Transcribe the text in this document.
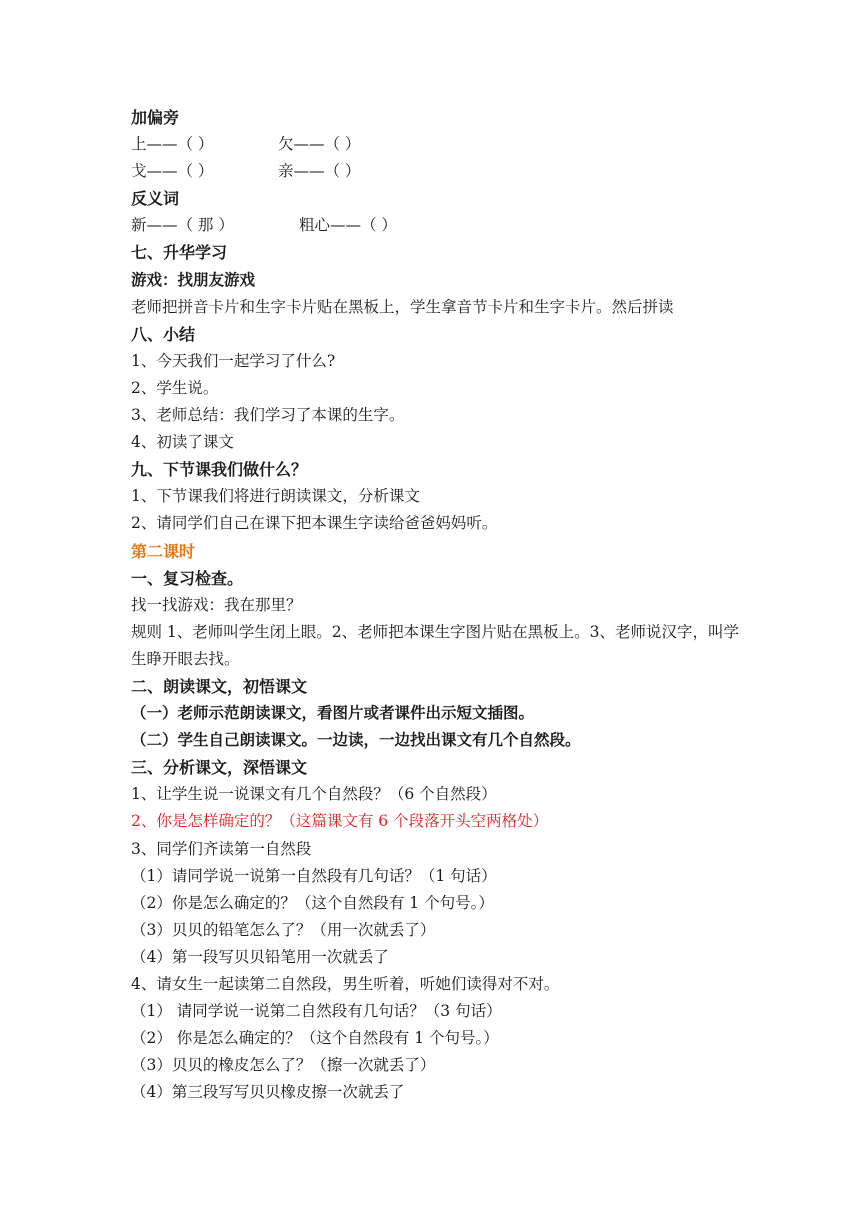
加偏旁
上——（ ）	欠——（ ）
戈——（ ）	亲——（ ）
反义词
新——（ 那 ）	粗心——（ ）
七、升华学习
游戏：找朋友游戏
老师把拼音卡片和生字卡片贴在黑板上，学生拿音节卡片和生字卡片。然后拼读
八、小结
1、今天我们一起学习了什么?
2、学生说。
3、老师总结：我们学习了本课的生字。
4、初读了课文
九、下节课我们做什么？
1、下节课我们将进行朗读课文，分析课文
2、请同学们自己在课下把本课生字读给爸爸妈妈听。
第二课时
一、复习检查。
找一找游戏：我在那里？
规则 1、老师叫学生闭上眼。2、老师把本课生字图片贴在黑板上。3、老师说汉字，叫学生睁开眼去找。
二、朗读课文，初悟课文
（一）老师示范朗读课文，看图片或者课件出示短文插图。
（二）学生自己朗读课文。一边读，一边找出课文有几个自然段。
三、分析课文，深悟课文
1、让学生说一说课文有几个自然段？（6 个自然段）
2、你是怎样确定的？（这篇课文有 6 个段落开头空两格处）
3、同学们齐读第一自然段
（1）请同学说一说第一自然段有几句话？（1 句话）
（2）你是怎么确定的？（这个自然段有 1 个句号。）
（3）贝贝的铅笔怎么了？（用一次就丢了）
（4）第一段写贝贝铅笔用一次就丢了
4、请女生一起读第二自然段，男生听着，听她们读得对不对。
（1） 请同学说一说第二自然段有几句话？（3 句话）
（2） 你是怎么确定的？（这个自然段有 1 个句号。）
（3）贝贝的橡皮怎么了？（擦一次就丢了）
（4）第三段写写贝贝橡皮擦一次就丢了
